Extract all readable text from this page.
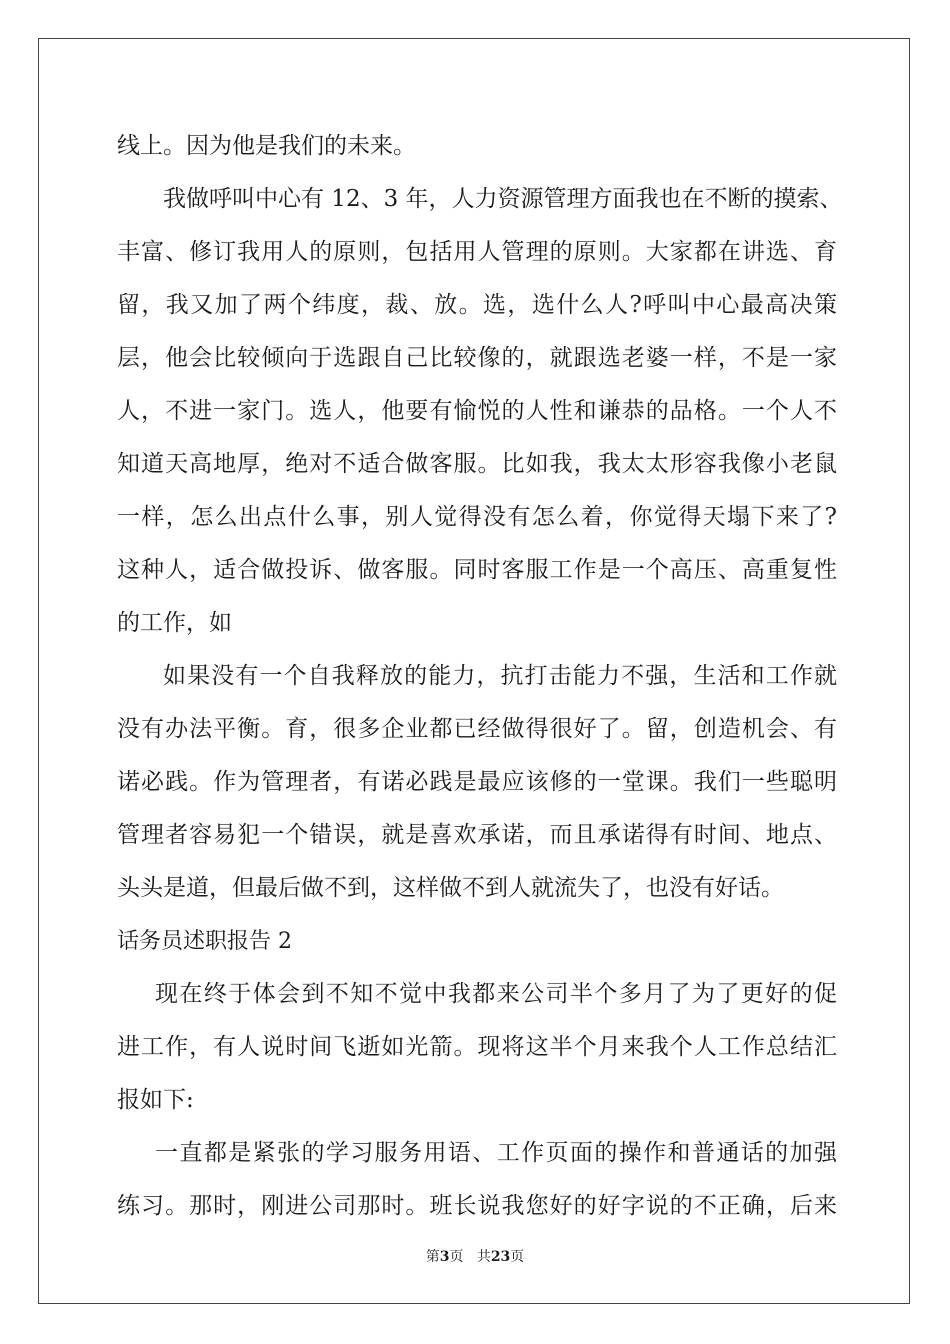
线上。因为他是我们的未来。
我做呼叫中心有 12、3 年，人力资源管理方面我也在不断的摸索、
丰富、修订我用人的原则，包括用人管理的原则。大家都在讲选、育
留，我又加了两个纬度，裁、放。选，选什么人?呼叫中心最高决策
层，他会比较倾向于选跟自己比较像的，就跟选老婆一样，不是一家
人，不进一家门。选人，他要有愉悦的人性和谦恭的品格。一个人不
知道天高地厚，绝对不适合做客服。比如我，我太太形容我像小老鼠
一样，怎么出点什么事，别人觉得没有怎么着，你觉得天塌下来了?
这种人，适合做投诉、做客服。同时客服工作是一个高压、高重复性
的工作，如
如果没有一个自我释放的能力，抗打击能力不强，生活和工作就
没有办法平衡。育，很多企业都已经做得很好了。留，创造机会、有
诺必践。作为管理者，有诺必践是最应该修的一堂课。我们一些聪明
管理者容易犯一个错误，就是喜欢承诺，而且承诺得有时间、地点、
头头是道，但最后做不到，这样做不到人就流失了，也没有好话。
话务员述职报告 2
现在终于体会到不知不觉中我都来公司半个多月了为了更好的促
进工作，有人说时间飞逝如光箭。现将这半个月来我个人工作总结汇
报如下:
一直都是紧张的学习服务用语、工作页面的操作和普通话的加强
练习。那时，刚进公司那时。班长说我您好的好字说的不正确，后来
第3页 共23页
